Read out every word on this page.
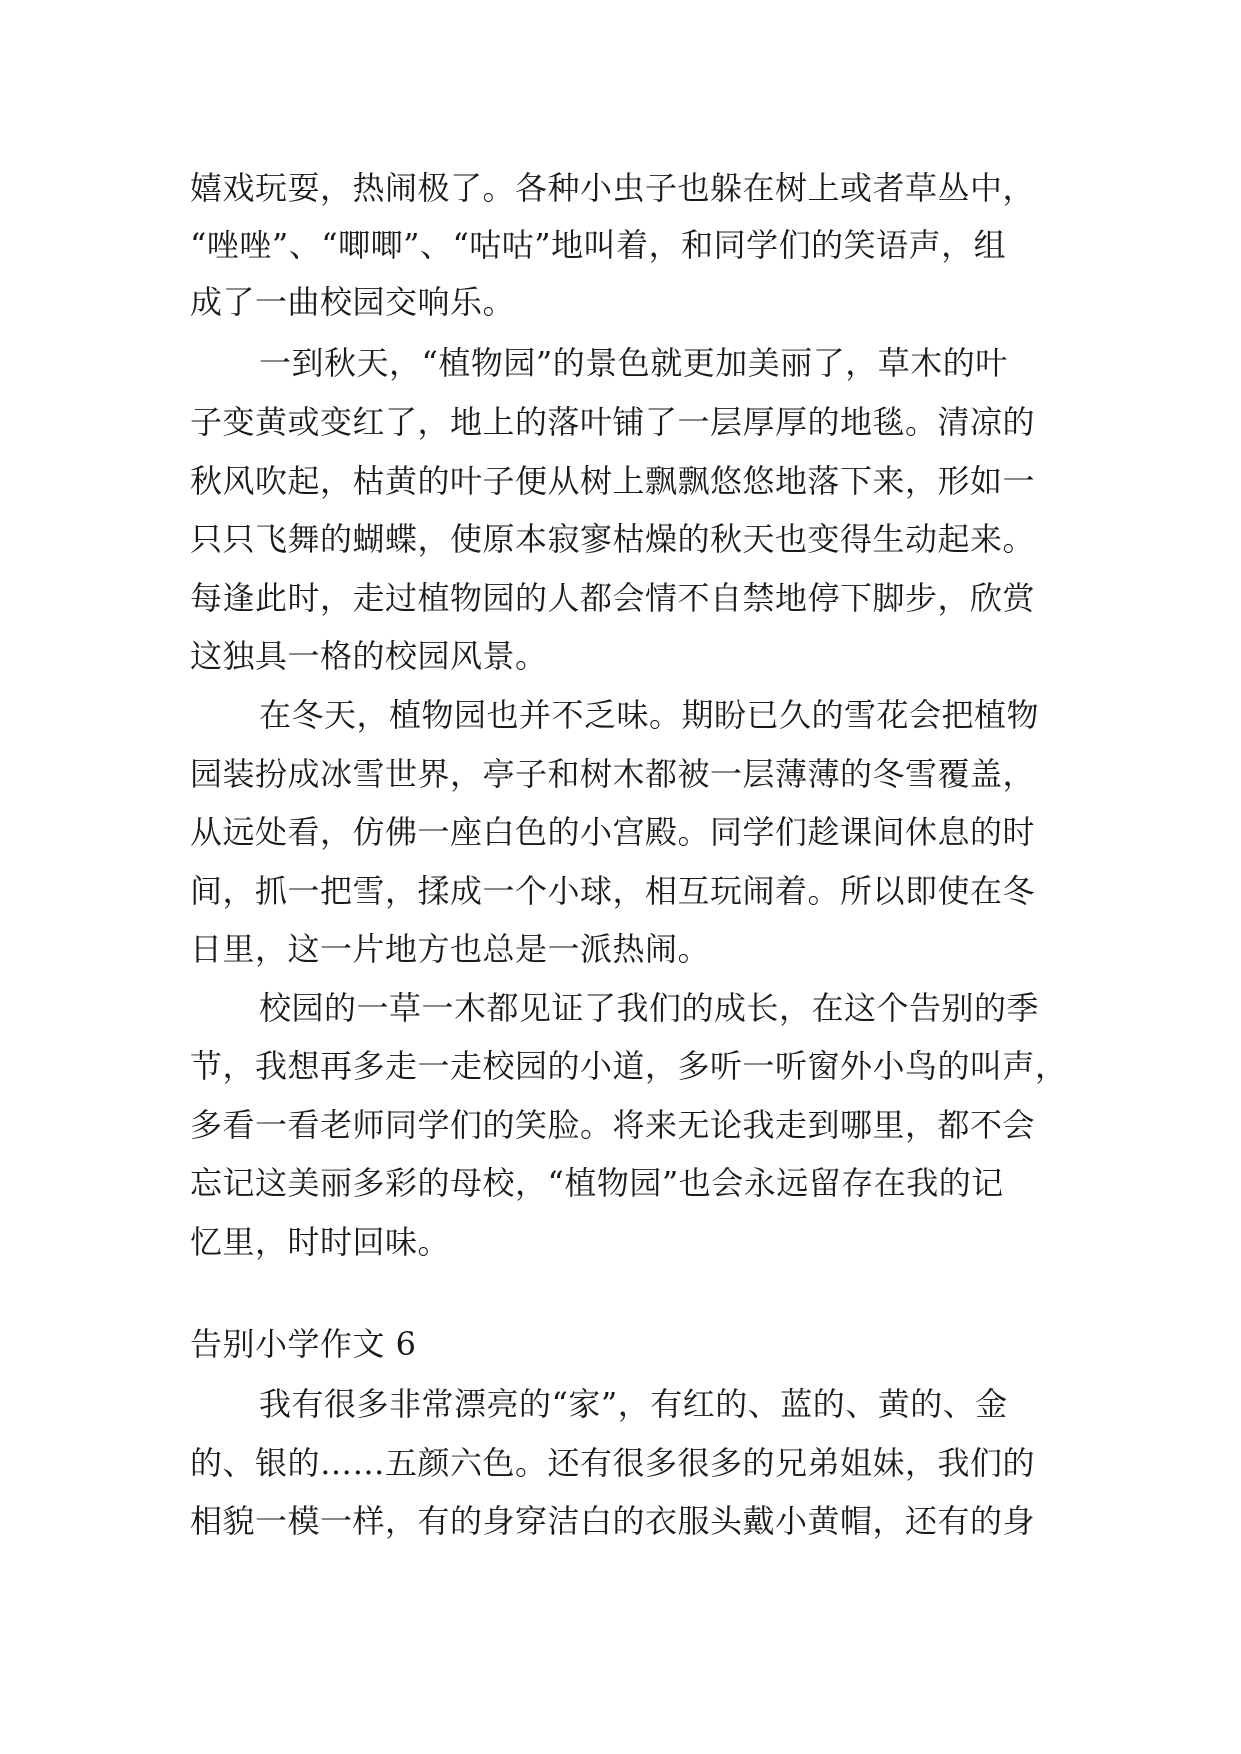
嬉戏玩耍，热闹极了。各种小虫子也躲在树上或者草丛中，
“唑唑”、“唧唧”、“咕咕”地叫着，和同学们的笑语声，组
成了一曲校园交响乐。
一到秋天，“植物园”的景色就更加美丽了，草木的叶
子变黄或变红了，地上的落叶铺了一层厚厚的地毯。清凉的
秋风吹起，枯黄的叶子便从树上飘飘悠悠地落下来，形如一
只只飞舞的蝴蝶，使原本寂寥枯燥的秋天也变得生动起来。
每逢此时，走过植物园的人都会情不自禁地停下脚步，欣赏
这独具一格的校园风景。
在冬天，植物园也并不乏味。期盼已久的雪花会把植物
园装扮成冰雪世界，亭子和树木都被一层薄薄的冬雪覆盖，
从远处看，仿佛一座白色的小宫殿。同学们趁课间休息的时
间，抓一把雪，揉成一个小球，相互玩闹着。所以即使在冬
日里，这一片地方也总是一派热闹。
校园的一草一木都见证了我们的成长，在这个告别的季
节，我想再多走一走校园的小道，多听一听窗外小鸟的叫声，
多看一看老师同学们的笑脸。将来无论我走到哪里，都不会
忘记这美丽多彩的母校，“植物园”也会永远留存在我的记
忆里，时时回味。
告别小学作文 6
我有很多非常漂亮的“家”，有红的、蓝的、黄的、金
的、银的……五颜六色。还有很多很多的兄弟姐妹，我们的
相貌一模一样，有的身穿洁白的衣服头戴小黄帽，还有的身
